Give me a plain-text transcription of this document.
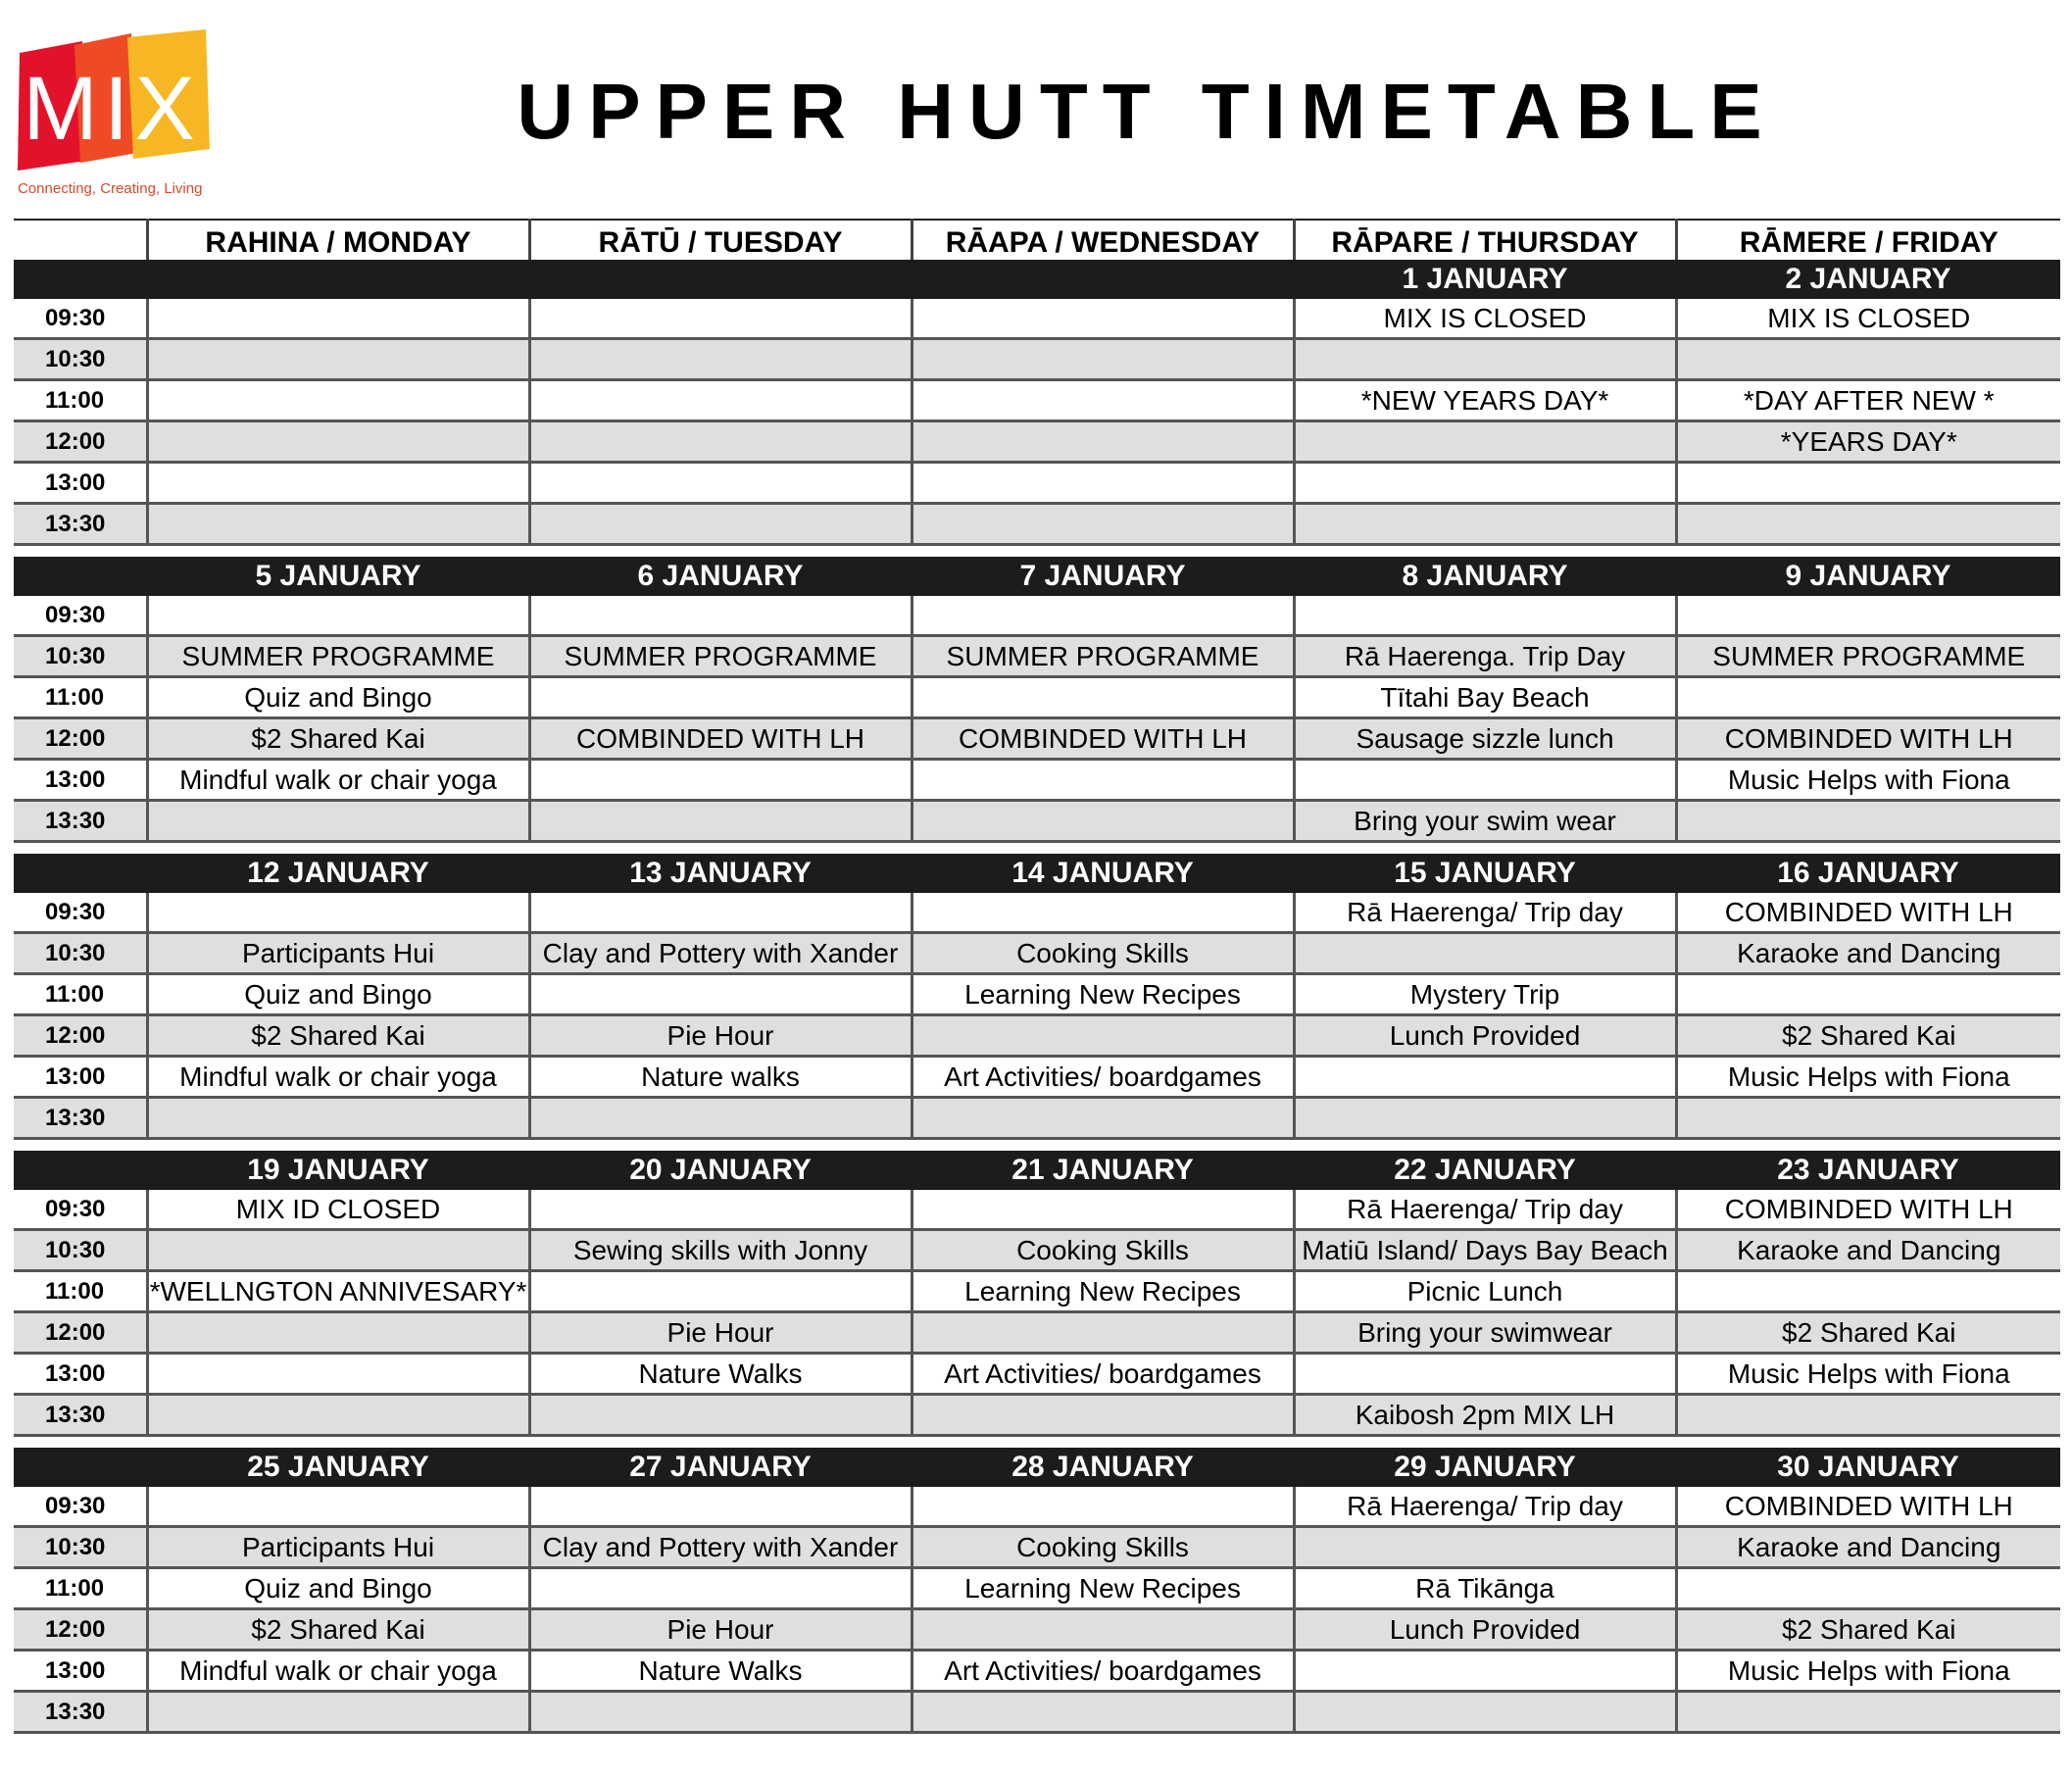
MIX
Connecting, Creating, Living
UPPER HUTT TIMETABLE
	RAHINA / MONDAY	RĀTŪ / TUESDAY	RĀAPA / WEDNESDAY	RĀPARE / THURSDAY	RĀMERE / FRIDAY
				1 JANUARY	2 JANUARY
09:30				MIX IS CLOSED	MIX IS CLOSED
10:30					
11:00				*NEW YEARS DAY*	*DAY AFTER NEW *
12:00					*YEARS DAY*
13:00					
13:30					

	5 JANUARY	6 JANUARY	7 JANUARY	8 JANUARY	9 JANUARY
09:30					
10:30	SUMMER PROGRAMME	SUMMER PROGRAMME	SUMMER PROGRAMME	Rā Haerenga. Trip Day	SUMMER PROGRAMME
11:00	Quiz and Bingo			Tītahi Bay Beach	
12:00	$2 Shared Kai	COMBINDED WITH LH	COMBINDED WITH LH	Sausage sizzle lunch	COMBINDED WITH LH
13:00	Mindful walk or chair yoga				Music Helps with Fiona
13:30				Bring your swim wear	

	12 JANUARY	13 JANUARY	14 JANUARY	15 JANUARY	16 JANUARY
09:30				Rā Haerenga/ Trip day	COMBINDED WITH LH
10:30	Participants Hui	Clay and Pottery with Xander	Cooking Skills		Karaoke and Dancing
11:00	Quiz and Bingo		Learning New Recipes	Mystery Trip	
12:00	$2 Shared Kai	Pie Hour		Lunch Provided	$2 Shared Kai
13:00	Mindful walk or chair yoga	Nature walks	Art Activities/ boardgames		Music Helps with Fiona
13:30					

	19 JANUARY	20 JANUARY	21 JANUARY	22 JANUARY	23 JANUARY
09:30	MIX ID CLOSED			Rā Haerenga/ Trip day	COMBINDED WITH LH
10:30		Sewing skills with Jonny	Cooking Skills	Matiū Island/ Days Bay Beach	Karaoke and Dancing
11:00	*WELLNGTON ANNIVESARY*		Learning New Recipes	Picnic Lunch	
12:00		Pie Hour		Bring your swimwear	$2 Shared Kai
13:00		Nature Walks	Art Activities/ boardgames		Music Helps with Fiona
13:30				Kaibosh 2pm MIX LH	

	25 JANUARY	27 JANUARY	28 JANUARY	29 JANUARY	30 JANUARY
09:30				Rā Haerenga/ Trip day	COMBINDED WITH LH
10:30	Participants Hui	Clay and Pottery with Xander	Cooking Skills		Karaoke and Dancing
11:00	Quiz and Bingo		Learning New Recipes	Rā Tikānga	
12:00	$2 Shared Kai	Pie Hour		Lunch Provided	$2 Shared Kai
13:00	Mindful walk or chair yoga	Nature Walks	Art Activities/ boardgames		Music Helps with Fiona
13:30					
